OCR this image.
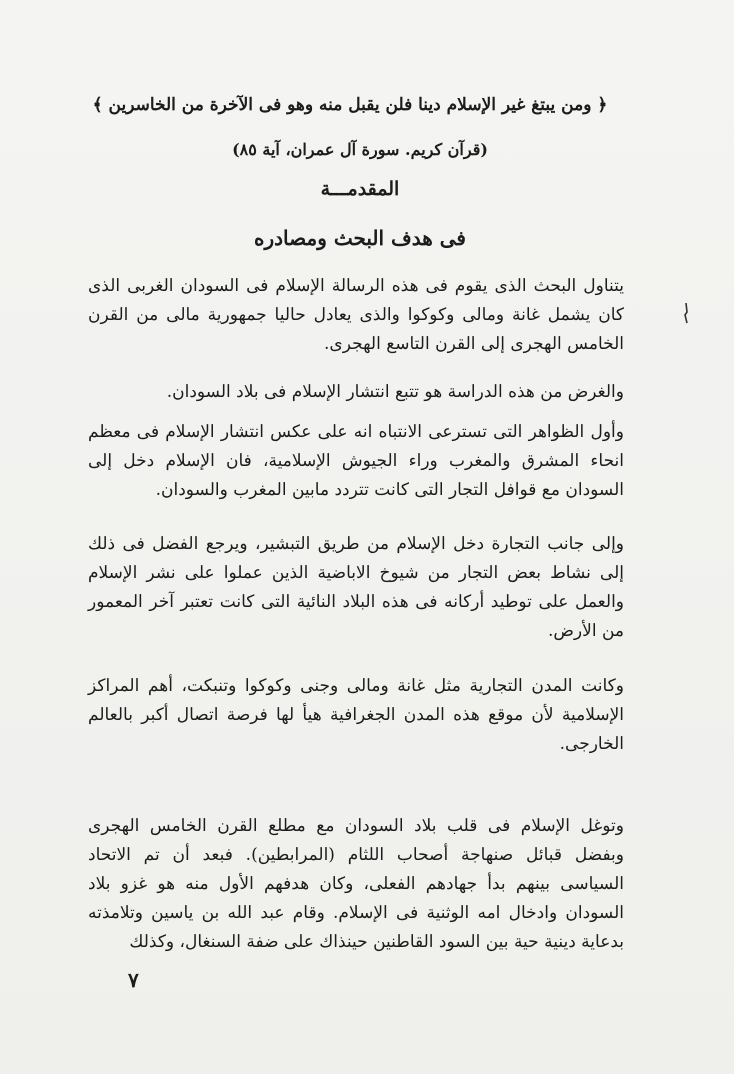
﴿ ومن يبتغ غير الإسلام دينا فلن يقبل منه وهو فى الآخرة من الخاسرين ﴾
(قرآن كريم. سورة آل عمران، آية ٨٥)
المقدمـــة
فى هدف البحث ومصادره
يتناول البحث الذى يقوم فى هذه الرسالة الإسلام فى السودان الغربى الذى كان يشمل غانة ومالى وكوكوا والذى يعادل حاليا جمهورية مالى من القرن الخامس الهجرى إلى القرن التاسع الهجرى.
والغرض من هذه الدراسة هو تتبع انتشار الإسلام فى بلاد السودان.
وأول الظواهر التى تسترعى الانتباه انه على عكس انتشار الإسلام فى معظم انحاء المشرق والمغرب وراء الجيوش الإسلامية، فان الإسلام دخل إلى السودان مع قوافل التجار التى كانت تتردد مابين المغرب والسودان.
وإلى جانب التجارة دخل الإسلام من طريق التبشير، ويرجع الفضل فى ذلك إلى نشاط بعض التجار من شيوخ الاباضية الذين عملوا على نشر الإسلام والعمل على توطيد أركانه فى هذه البلاد النائية التى كانت تعتبر آخر المعمور من الأرض.
وكانت المدن التجارية مثل غانة ومالى وجنى وكوكوا وتنبكت، أهم المراكز الإسلامية لأن موقع هذه المدن الجغرافية هيأ لها فرصة اتصال أكبر بالعالم الخارجى.
وتوغل الإسلام فى قلب بلاد السودان مع مطلع القرن الخامس الهجرى وبفضل قبائل صنهاجة أصحاب اللثام (المرابطين). فبعد أن تم الاتحاد السياسى بينهم بدأ جهادهم الفعلى، وكان هدفهم الأول منه هو غزو بلاد السودان وادخال امه الوثنية فى الإسلام. وقام عبد الله بن ياسين وتلامذته بدعاية دينية حية بين السود القاطنين حينذاك على ضفة السنغال، وكذلك
٧
